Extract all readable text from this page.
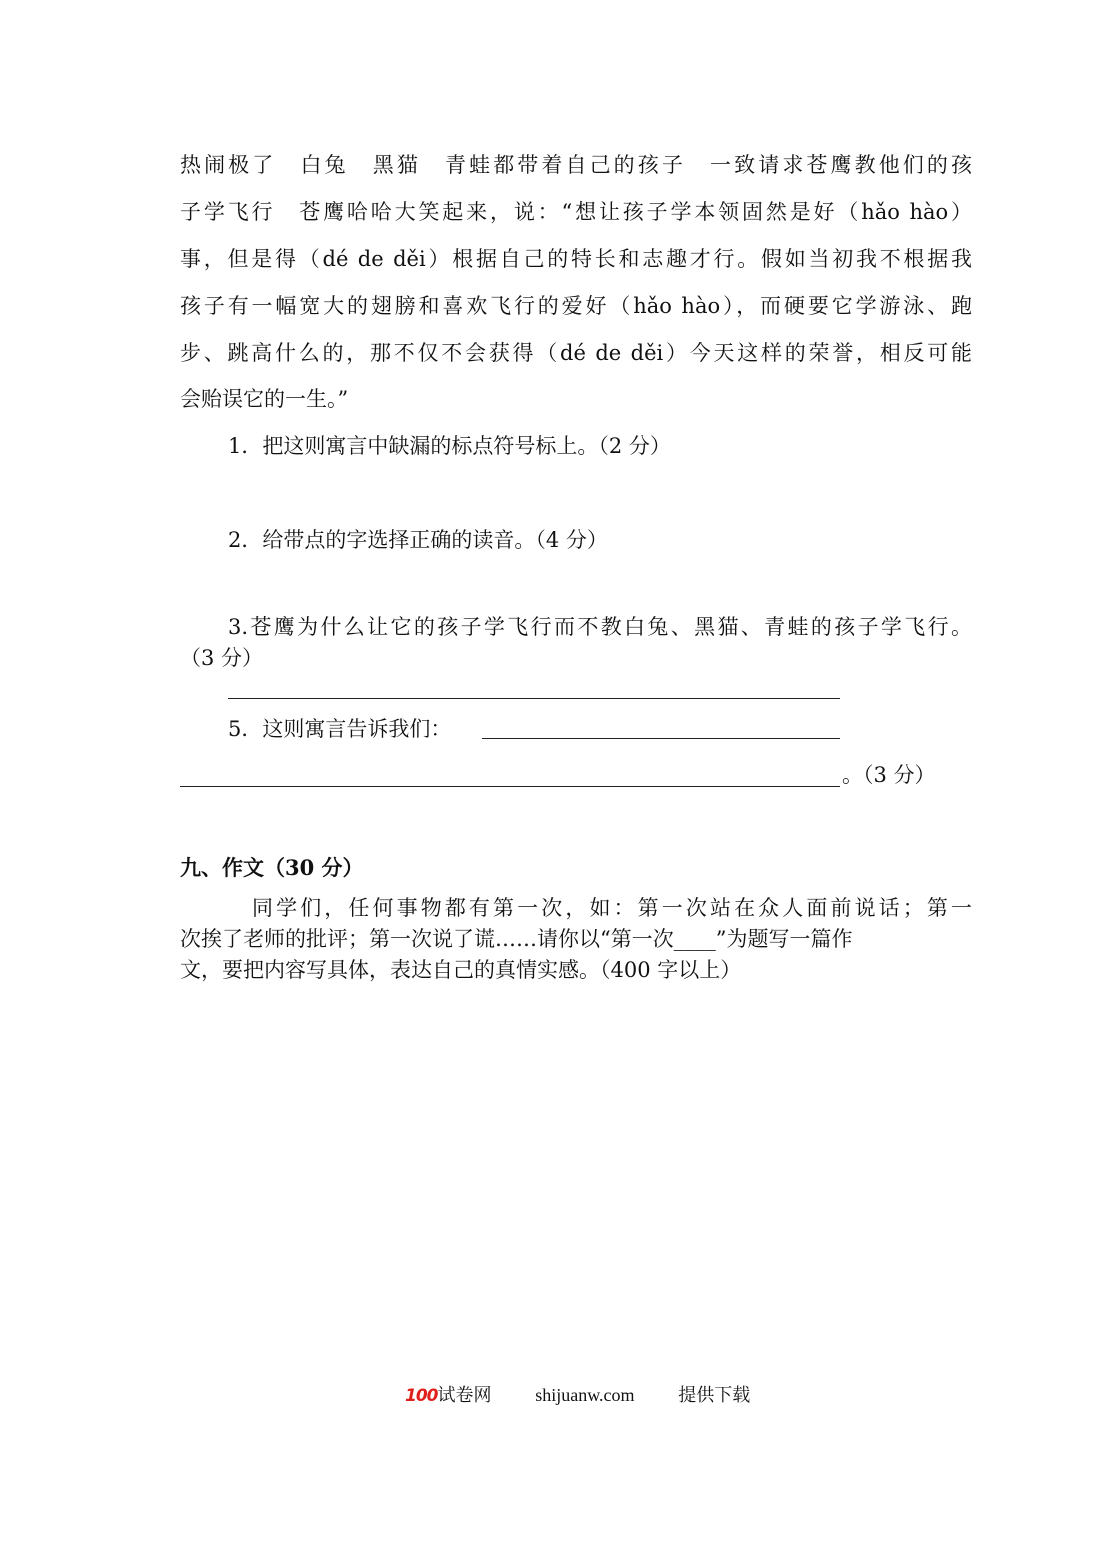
热闹极了　白兔　黑猫　青蛙都带着自己的孩子　一致请求苍鹰教他们的孩
子学飞行　苍鹰哈哈大笑起来，说：“想让孩子学本领固然是好（hǎo hào）
事，但是得（dé de děi）根据自己的特长和志趣才行。假如当初我不根据我
孩子有一幅宽大的翅膀和喜欢飞行的爱好（hǎo hào），而硬要它学游泳、跑
步、跳高什么的，那不仅不会获得（dé de děi）今天这样的荣誉，相反可能
会贻误它的一生。”
1．把这则寓言中缺漏的标点符号标上。（2 分）
2．给带点的字选择正确的读音。（4 分）
3.苍鹰为什么让它的孩子学飞行而不教白兔、黑猫、青蛙的孩子学飞行。
（3 分）
5．这则寓言告诉我们：
。（3 分）
九、作文（30 分）
同学们，任何事物都有第一次，如：第一次站在众人面前说话；第一
次挨了老师的批评；第一次说了谎……请你以“第一次 ____ ”为题写一篇作
文，要把内容写具体，表达自己的真情实感。（400 字以上）
100试卷网 shijuanw.com 提供下载
